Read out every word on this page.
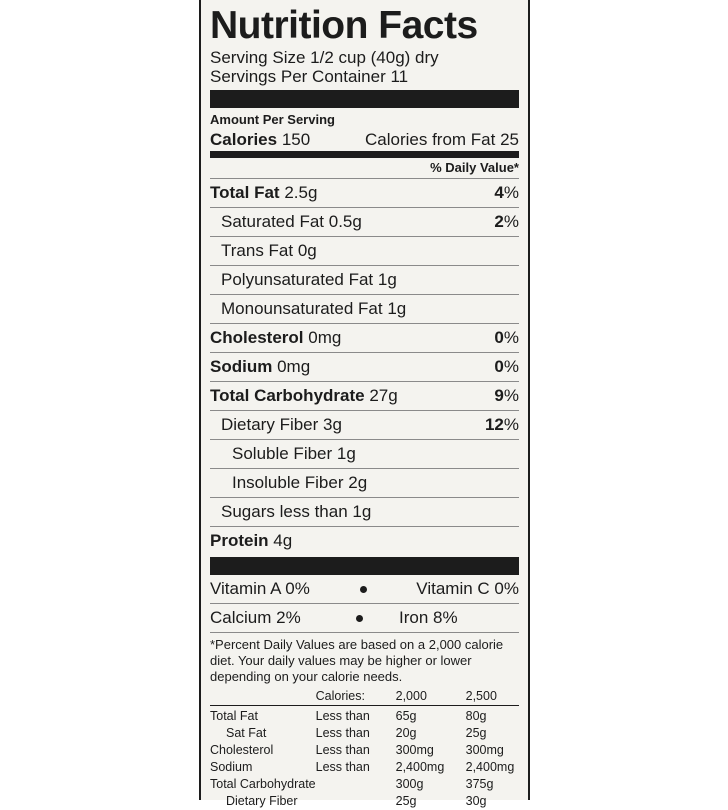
Nutrition Facts
Serving Size 1/2 cup (40g) dry
Servings Per Container 11
Amount Per Serving
Calories 150	Calories from Fat 25
% Daily Value*
Total Fat 2.5g	4%
Saturated Fat 0.5g	2%
Trans Fat 0g
Polyunsaturated Fat 1g
Monounsaturated Fat 1g
Cholesterol 0mg	0%
Sodium 0mg	0%
Total Carbohydrate 27g	9%
Dietary Fiber 3g	12%
Soluble Fiber 1g
Insoluble Fiber 2g
Sugars less than 1g
Protein 4g
Vitamin A 0%	Vitamin C 0%
Calcium 2%	Iron 8%
*Percent Daily Values are based on a 2,000 calorie diet. Your daily values may be higher or lower depending on your calorie needs.
	Calories:	2,000	2,500
Total Fat	Less than	65g	80g
Sat Fat	Less than	20g	25g
Cholesterol	Less than	300mg	300mg
Sodium	Less than	2,400mg	2,400mg
Total Carbohydrate		300g	375g
Dietary Fiber		25g	30g
